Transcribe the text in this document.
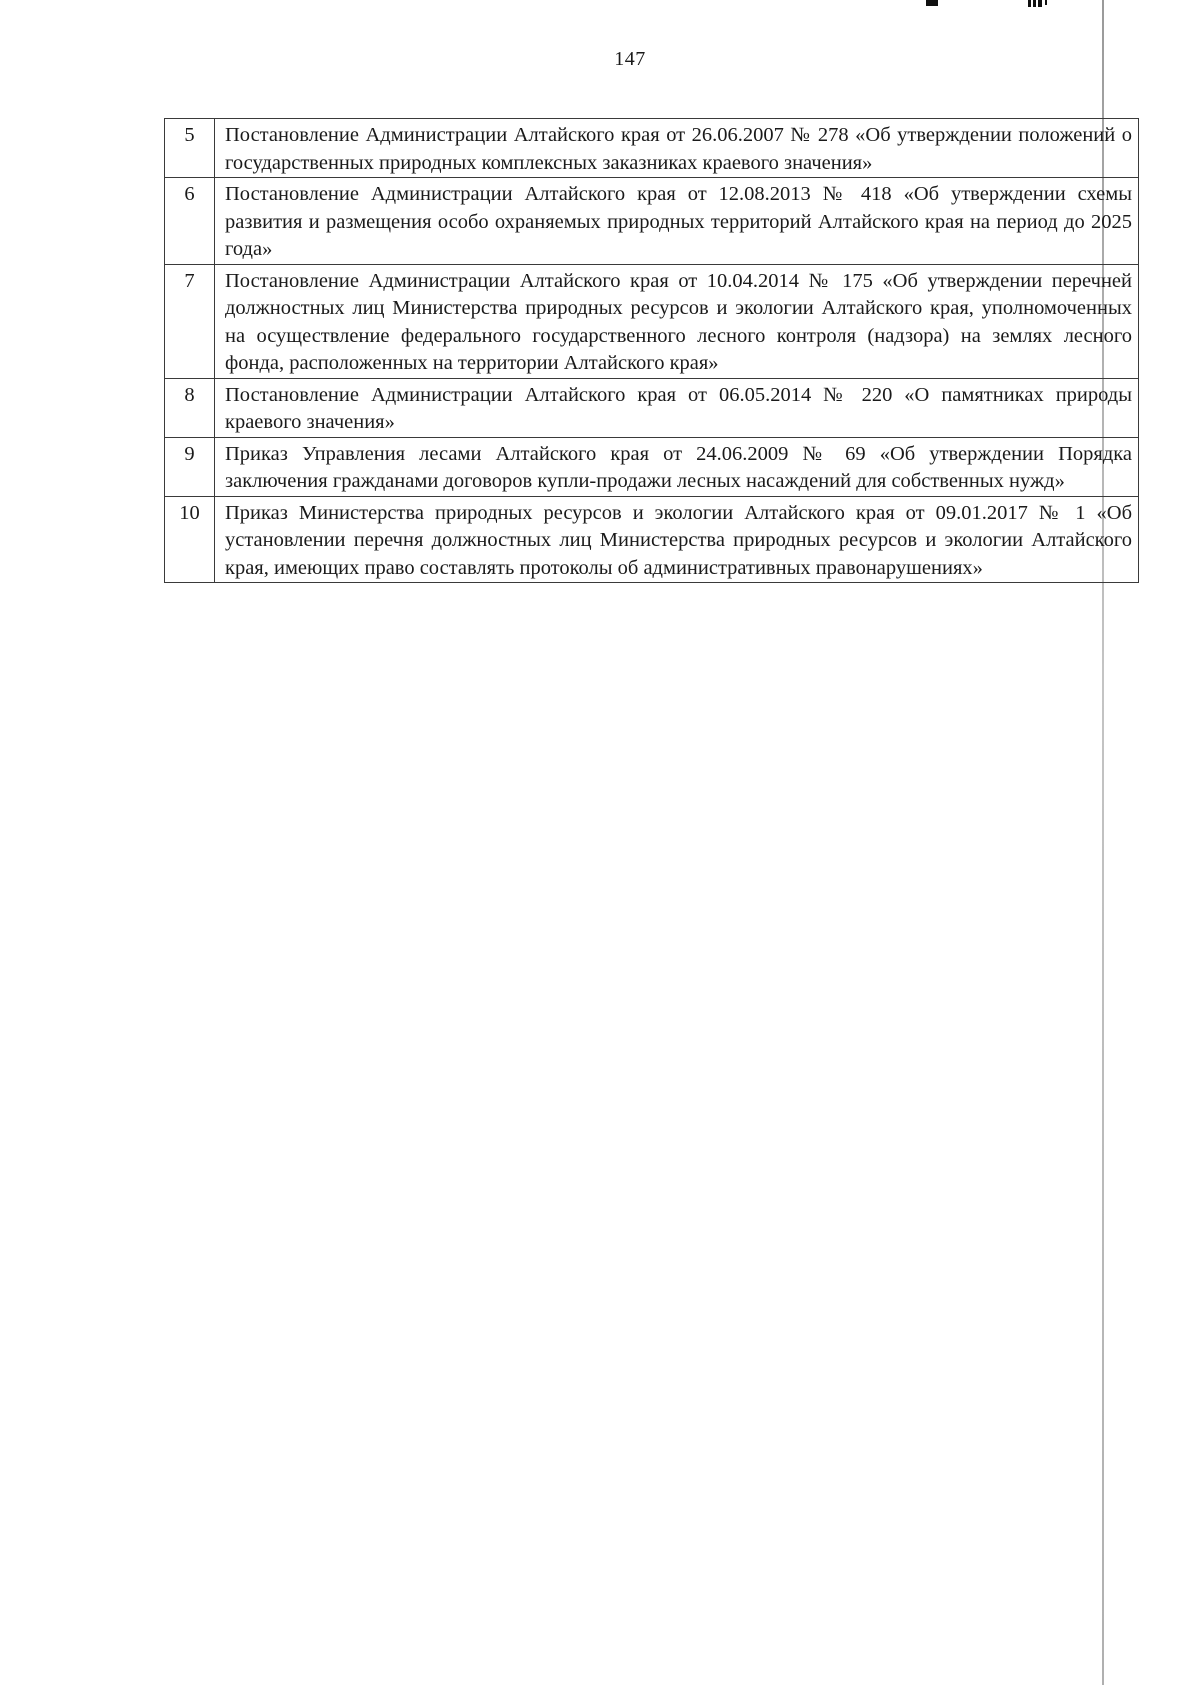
147
5	Постановление Администрации Алтайского края от 26.06.2007 № 278 «Об утверждении положений о государственных природных комплексных заказниках краевого значения»
6	Постановление Администрации Алтайского края от 12.08.2013 № 418 «Об утверждении схемы развития и размещения особо охраняемых природных территорий Алтайского края на период до 2025 года»
7	Постановление Администрации Алтайского края от 10.04.2014 № 175 «Об утверждении перечней должностных лиц Министерства природных ресурсов и экологии Алтайского края, уполномоченных на осуществление федерального государственного лесного контроля (надзора) на землях лесного фонда, расположенных на территории Алтайского края»
8	Постановление Администрации Алтайского края от 06.05.2014 № 220 «О памятниках природы краевого значения»
9	Приказ Управления лесами Алтайского края от 24.06.2009 № 69 «Об утверждении Порядка заключения гражданами договоров купли-продажи лесных насаждений для собственных нужд»
10	Приказ Министерства природных ресурсов и экологии Алтайского края от 09.01.2017 № 1 «Об установлении перечня должностных лиц Министерства природных ресурсов и экологии Алтайского края, имеющих право составлять протоколы об административных правонарушениях»
